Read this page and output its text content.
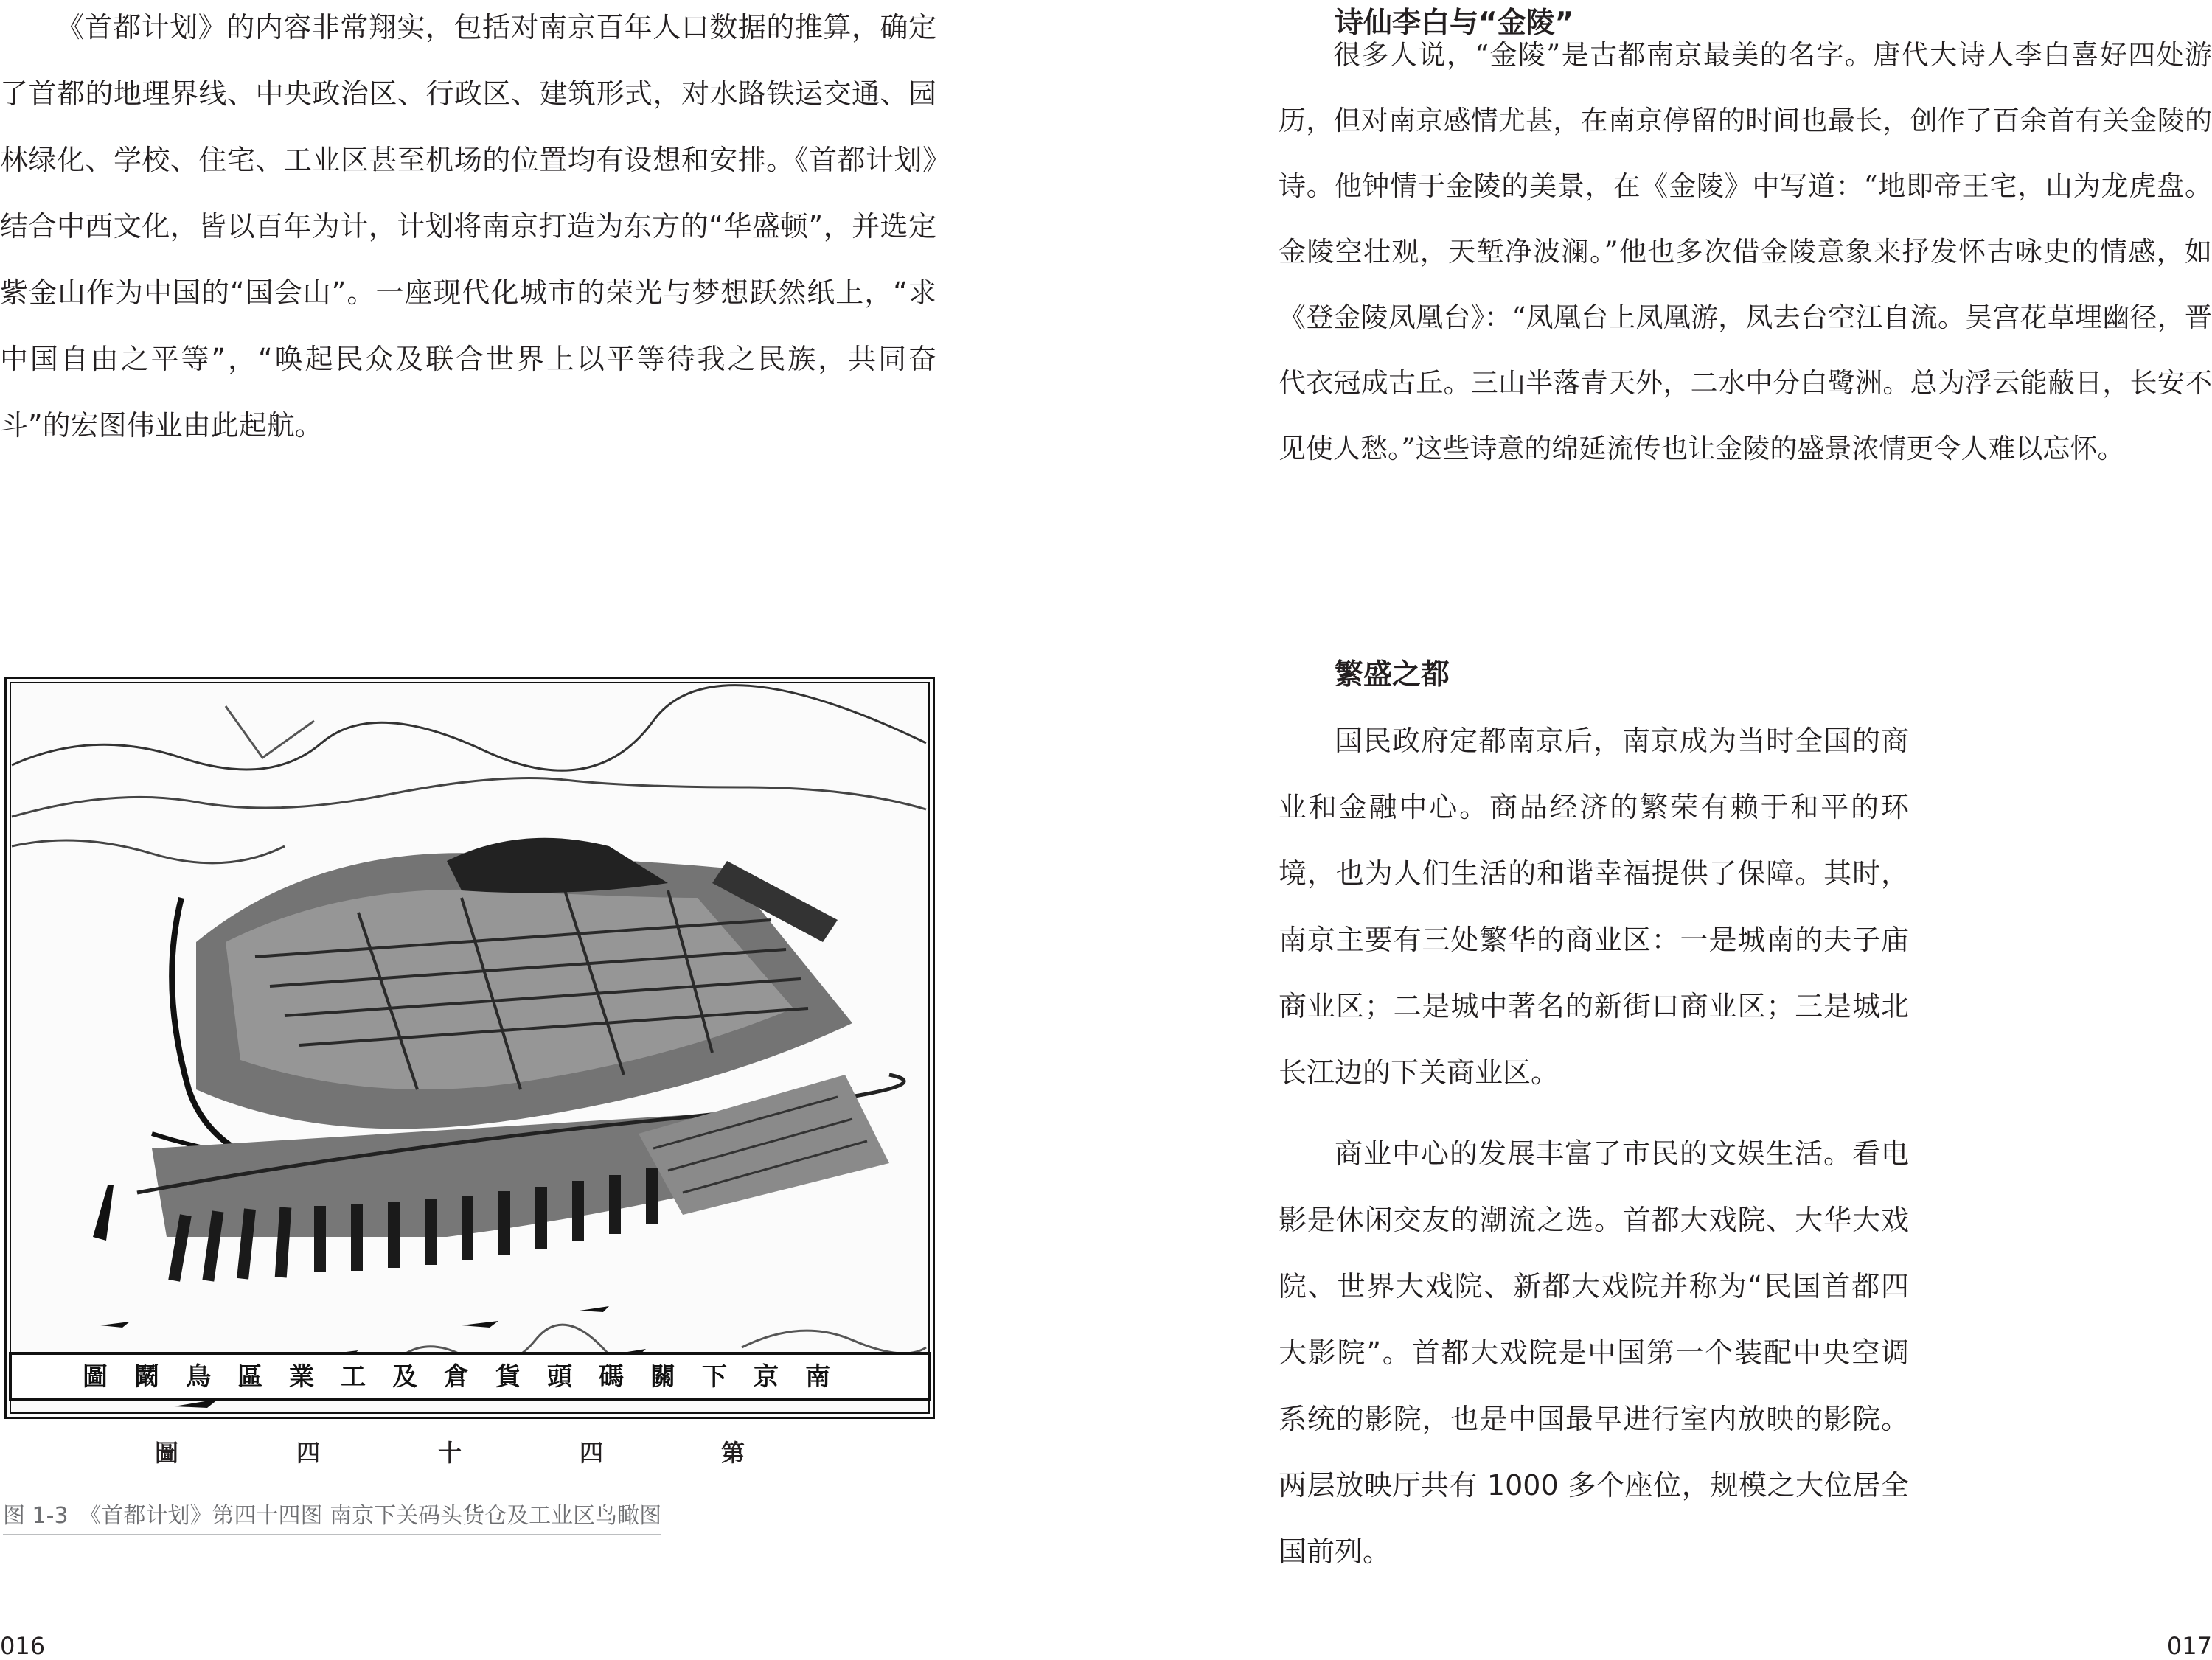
《首都计划》的内容非常翔实，包括对南京百年人口数据的推算，确定了首都的地理界线、中央政治区、行政区、建筑形式，对水路铁运交通、园林绿化、学校、住宅、工业区甚至机场的位置均有设想和安排。《首都计划》结合中西文化，皆以百年为计，计划将南京打造为东方的“华盛顿”，并选定紫金山作为中国的“国会山”。一座现代化城市的荣光与梦想跃然纸上，“求中国自由之平等”，“唤起民众及联合世界上以平等待我之民族，共同奋斗”的宏图伟业由此起航。

圖鬫鳥區業工及倉貨頭碼關下京南
圖	四	十	四	第
图 1-3　《首都计划》第四十四图 南京下关码头货仓及工业区鸟瞰图
016
诗仙李白与“金陵”

很多人说，“金陵”是古都南京最美的名字。唐代大诗人李白喜好四处游历，但对南京感情尤甚，在南京停留的时间也最长，创作了百余首有关金陵的诗。他钟情于金陵的美景，在《金陵》中写道：“地即帝王宅，山为龙虎盘。金陵空壮观，天堑净波澜。”他也多次借金陵意象来抒发怀古咏史的情感，如《登金陵凤凰台》：“凤凰台上凤凰游，凤去台空江自流。吴宫花草埋幽径，晋代衣冠成古丘。三山半落青天外，二水中分白鹭洲。总为浮云能蔽日，长安不见使人愁。”这些诗意的绵延流传也让金陵的盛景浓情更令人难以忘怀。

繁盛之都

国民政府定都南京后，南京成为当时全国的商业和金融中心。商品经济的繁荣有赖于和平的环境，也为人们生活的和谐幸福提供了保障。其时，南京主要有三处繁华的商业区：一是城南的夫子庙商业区；二是城中著名的新街口商业区；三是城北长江边的下关商业区。

商业中心的发展丰富了市民的文娱生活。看电影是休闲交友的潮流之选。首都大戏院、大华大戏院、世界大戏院、新都大戏院并称为“民国首都四大影院”。首都大戏院是中国第一个装配中央空调系统的影院，也是中国最早进行室内放映的影院。两层放映厅共有 1000 多个座位，规模之大位居全国前列。

017
